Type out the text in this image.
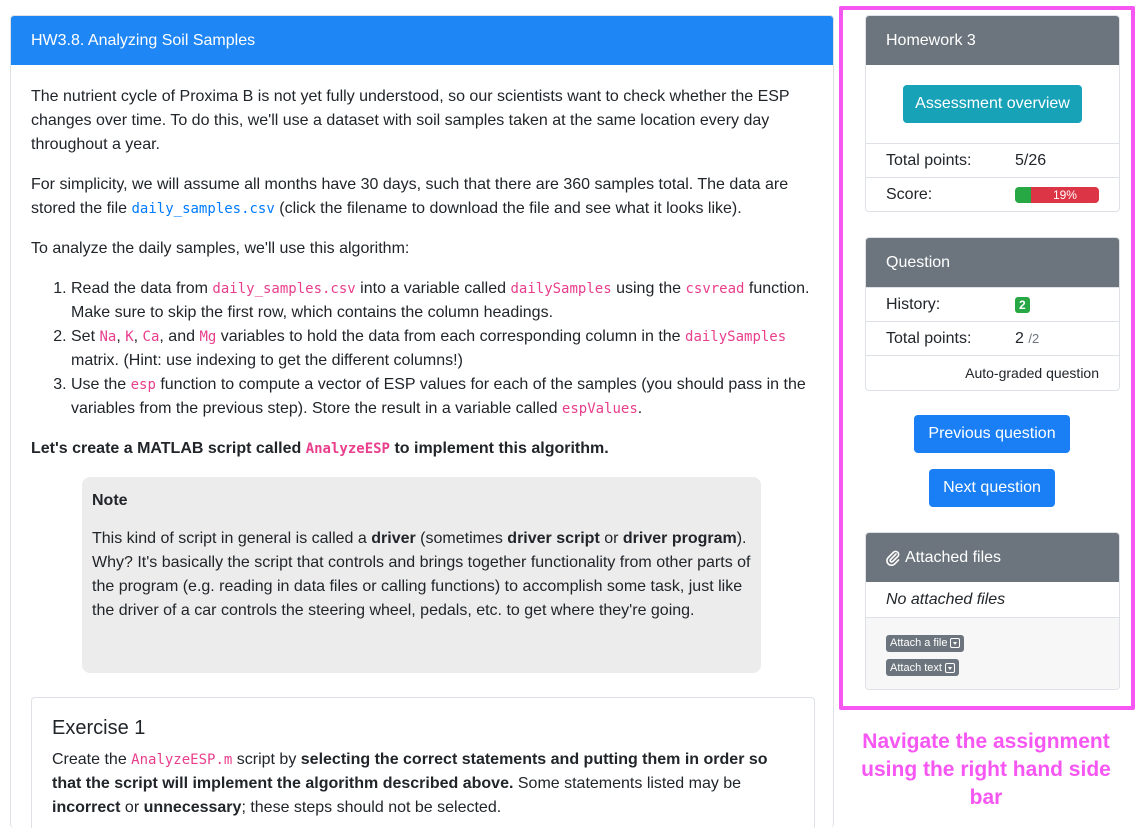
HW3.8. Analyzing Soil Samples

The nutrient cycle of Proxima B is not yet fully understood, so our scientists want to check whether the ESP changes over time. To do this, we'll use a dataset with soil samples taken at the same location every day throughout a year.

For simplicity, we will assume all months have 30 days, such that there are 360 samples total. The data are stored the file daily_samples.csv (click the filename to download the file and see what it looks like).

To analyze the daily samples, we'll use this algorithm:

1. Read the data from daily_samples.csv into a variable called dailySamples using the csvread function. Make sure to skip the first row, which contains the column headings.
2. Set Na, K, Ca, and Mg variables to hold the data from each corresponding column in the dailySamples matrix. (Hint: use indexing to get the different columns!)
3. Use the esp function to compute a vector of ESP values for each of the samples (you should pass in the variables from the previous step). Store the result in a variable called espValues.
Let's create a MATLAB script called AnalyzeESP to implement this algorithm.
Note
This kind of script in general is called a driver (sometimes driver script or driver program). Why? It's basically the script that controls and brings together functionality from other parts of the program (e.g. reading in data files or calling functions) to accomplish some task, just like the driver of a car controls the steering wheel, pedals, etc. to get where they're going.
Exercise 1
Create the AnalyzeESP.m script by selecting the correct statements and putting them in order so that the script will implement the algorithm described above. Some statements listed may be incorrect or unnecessary; these steps should not be selected.
Homework 3
Assessment overview
Total points:	5/26
Score:	19%
Question
History:	2
Total points:	2
/2
Auto-graded question
Previous question
Next question
Attached files
No attached files
Attach a file
Attach text
Navigate the assignment using the right hand side bar
